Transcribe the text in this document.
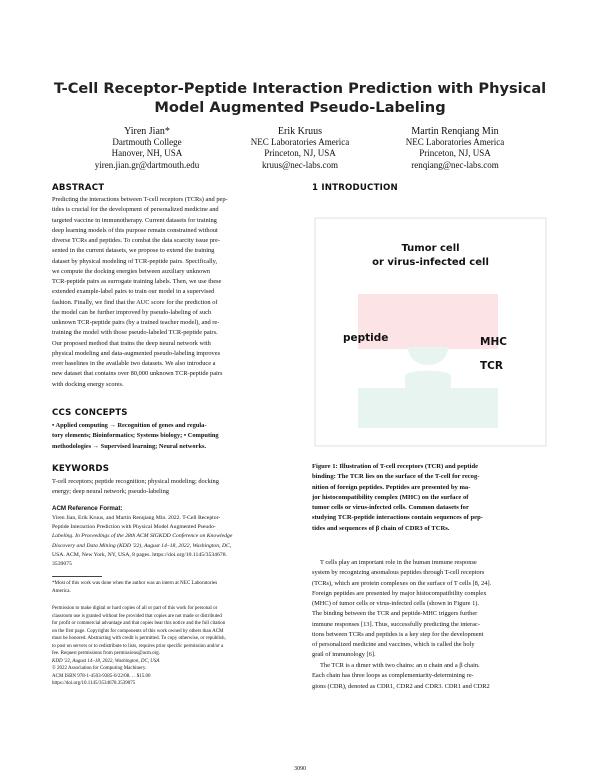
T-Cell Receptor-Peptide Interaction Prediction with Physical
Model Augmented Pseudo-Labeling
Yiren Jian*
Dartmouth College
Hanover, NH, USA
yiren.jian.gr@dartmouth.edu
Erik Kruus
NEC Laboratories America
Princeton, NJ, USA
kruus@nec-labs.com
Martin Renqiang Min
NEC Laboratories America
Princeton, NJ, USA
renqiang@nec-labs.com
ABSTRACT
Predicting the interactions between T-cell receptors (TCRs) and pep-
tides is crucial for the development of personalized medicine and
targeted vaccine in immunotherapy. Current datasets for training
deep learning models of this purpose remain constrained without
diverse TCRs and peptides. To combat the data scarcity issue pre-
sented in the current datasets, we propose to extend the training
dataset by physical modeling of TCR-peptide pairs. Specifically,
we compute the docking energies between auxiliary unknown
TCR-peptide pairs as surrogate training labels. Then, we use these
extended example-label pairs to train our model in a supervised
fashion. Finally, we find that the AUC score for the prediction of
the model can be further improved by pseudo-labeling of such
unknown TCR-peptide pairs (by a trained teacher model), and re-
training the model with those pseudo-labeled TCR-peptide pairs.
Our proposed method that trains the deep neural network with
physical modeling and data-augmented pseudo-labeling improves
over baselines in the available two datasets. We also introduce a
new dataset that contains over 80,000 unknown TCR-peptide pairs
with docking energy scores.
CCS CONCEPTS
• Applied computing → Recognition of genes and regula-
tory elements; Bioinformatics; Systems biology; • Computing
methodologies → Supervised learning; Neural networks.
KEYWORDS
T-cell receptors; peptide recognition; physical modeling; docking
energy; deep neural network; pseudo-labeling
ACM Reference Format:
Yiren Jian, Erik Kruus, and Martin Renqiang Min. 2022. T-Cell Receptor-
Peptide Interaction Prediction with Physical Model Augmented Pseudo-
Labeling. In Proceedings of the 28th ACM SIGKDD Conference on Knowledge
Discovery and Data Mining (KDD '22), August 14–18, 2022, Washington, DC,
USA. ACM, New York, NY, USA, 8 pages. https://doi.org/10.1145/3534678.
3539075
*Most of this work was done when the author was an intern at NEC Laboratories
America.
Permission to make digital or hard copies of all or part of this work for personal or
classroom use is granted without fee provided that copies are not made or distributed
for profit or commercial advantage and that copies bear this notice and the full citation
on the first page. Copyrights for components of this work owned by others than ACM
must be honored. Abstracting with credit is permitted. To copy otherwise, or republish,
to post on servers or to redistribute to lists, requires prior specific permission and/or a
fee. Request permissions from permissions@acm.org.
KDD '22, August 14–18, 2022, Washington, DC, USA
© 2022 Association for Computing Machinery.
ACM ISBN 978-1-4503-9385-0/22/08. . . $15.00
https://doi.org/10.1145/3534678.3539075
1 INTRODUCTION
Tumor cell
or virus-infected cell
peptide	MHC
TCR
Figure 1: Illustration of T-cell receptors (TCR) and peptide
binding: The TCR lies on the surface of the T-cell for recog-
nition of foreign peptides. Peptides are presented by ma-
jor histocompatibility complex (MHC) on the surface of
tumor cells or virus-infected cells. Common datasets for
studying TCR-peptide interactions contain sequences of pep-
tides and sequences of β chain of CDR3 of TCRs.
T cells play an important role in the human immune response
system by recognizing anomalous peptides through T-cell receptors
(TCRs), which are protein complexes on the surface of T cells [8, 24].
Foreign peptides are presented by major histocompatibility complex
(MHC) of tumor cells or virus-infected cells (shown in Figure 1).
The binding between the TCR and peptide-MHC triggers further
immune responses [13]. Thus, successfully predicting the interac-
tions between TCRs and peptides is a key step for the development
of personalized medicine and vaccines, which is called the holy
grail of immunology [6].
The TCR is a dimer with two chains: an α chain and a β chain.
Each chain has three loops as complementarity-determining re-
gions (CDR), denoted as CDR1, CDR2 and CDR3. CDR1 and CDR2
3090
